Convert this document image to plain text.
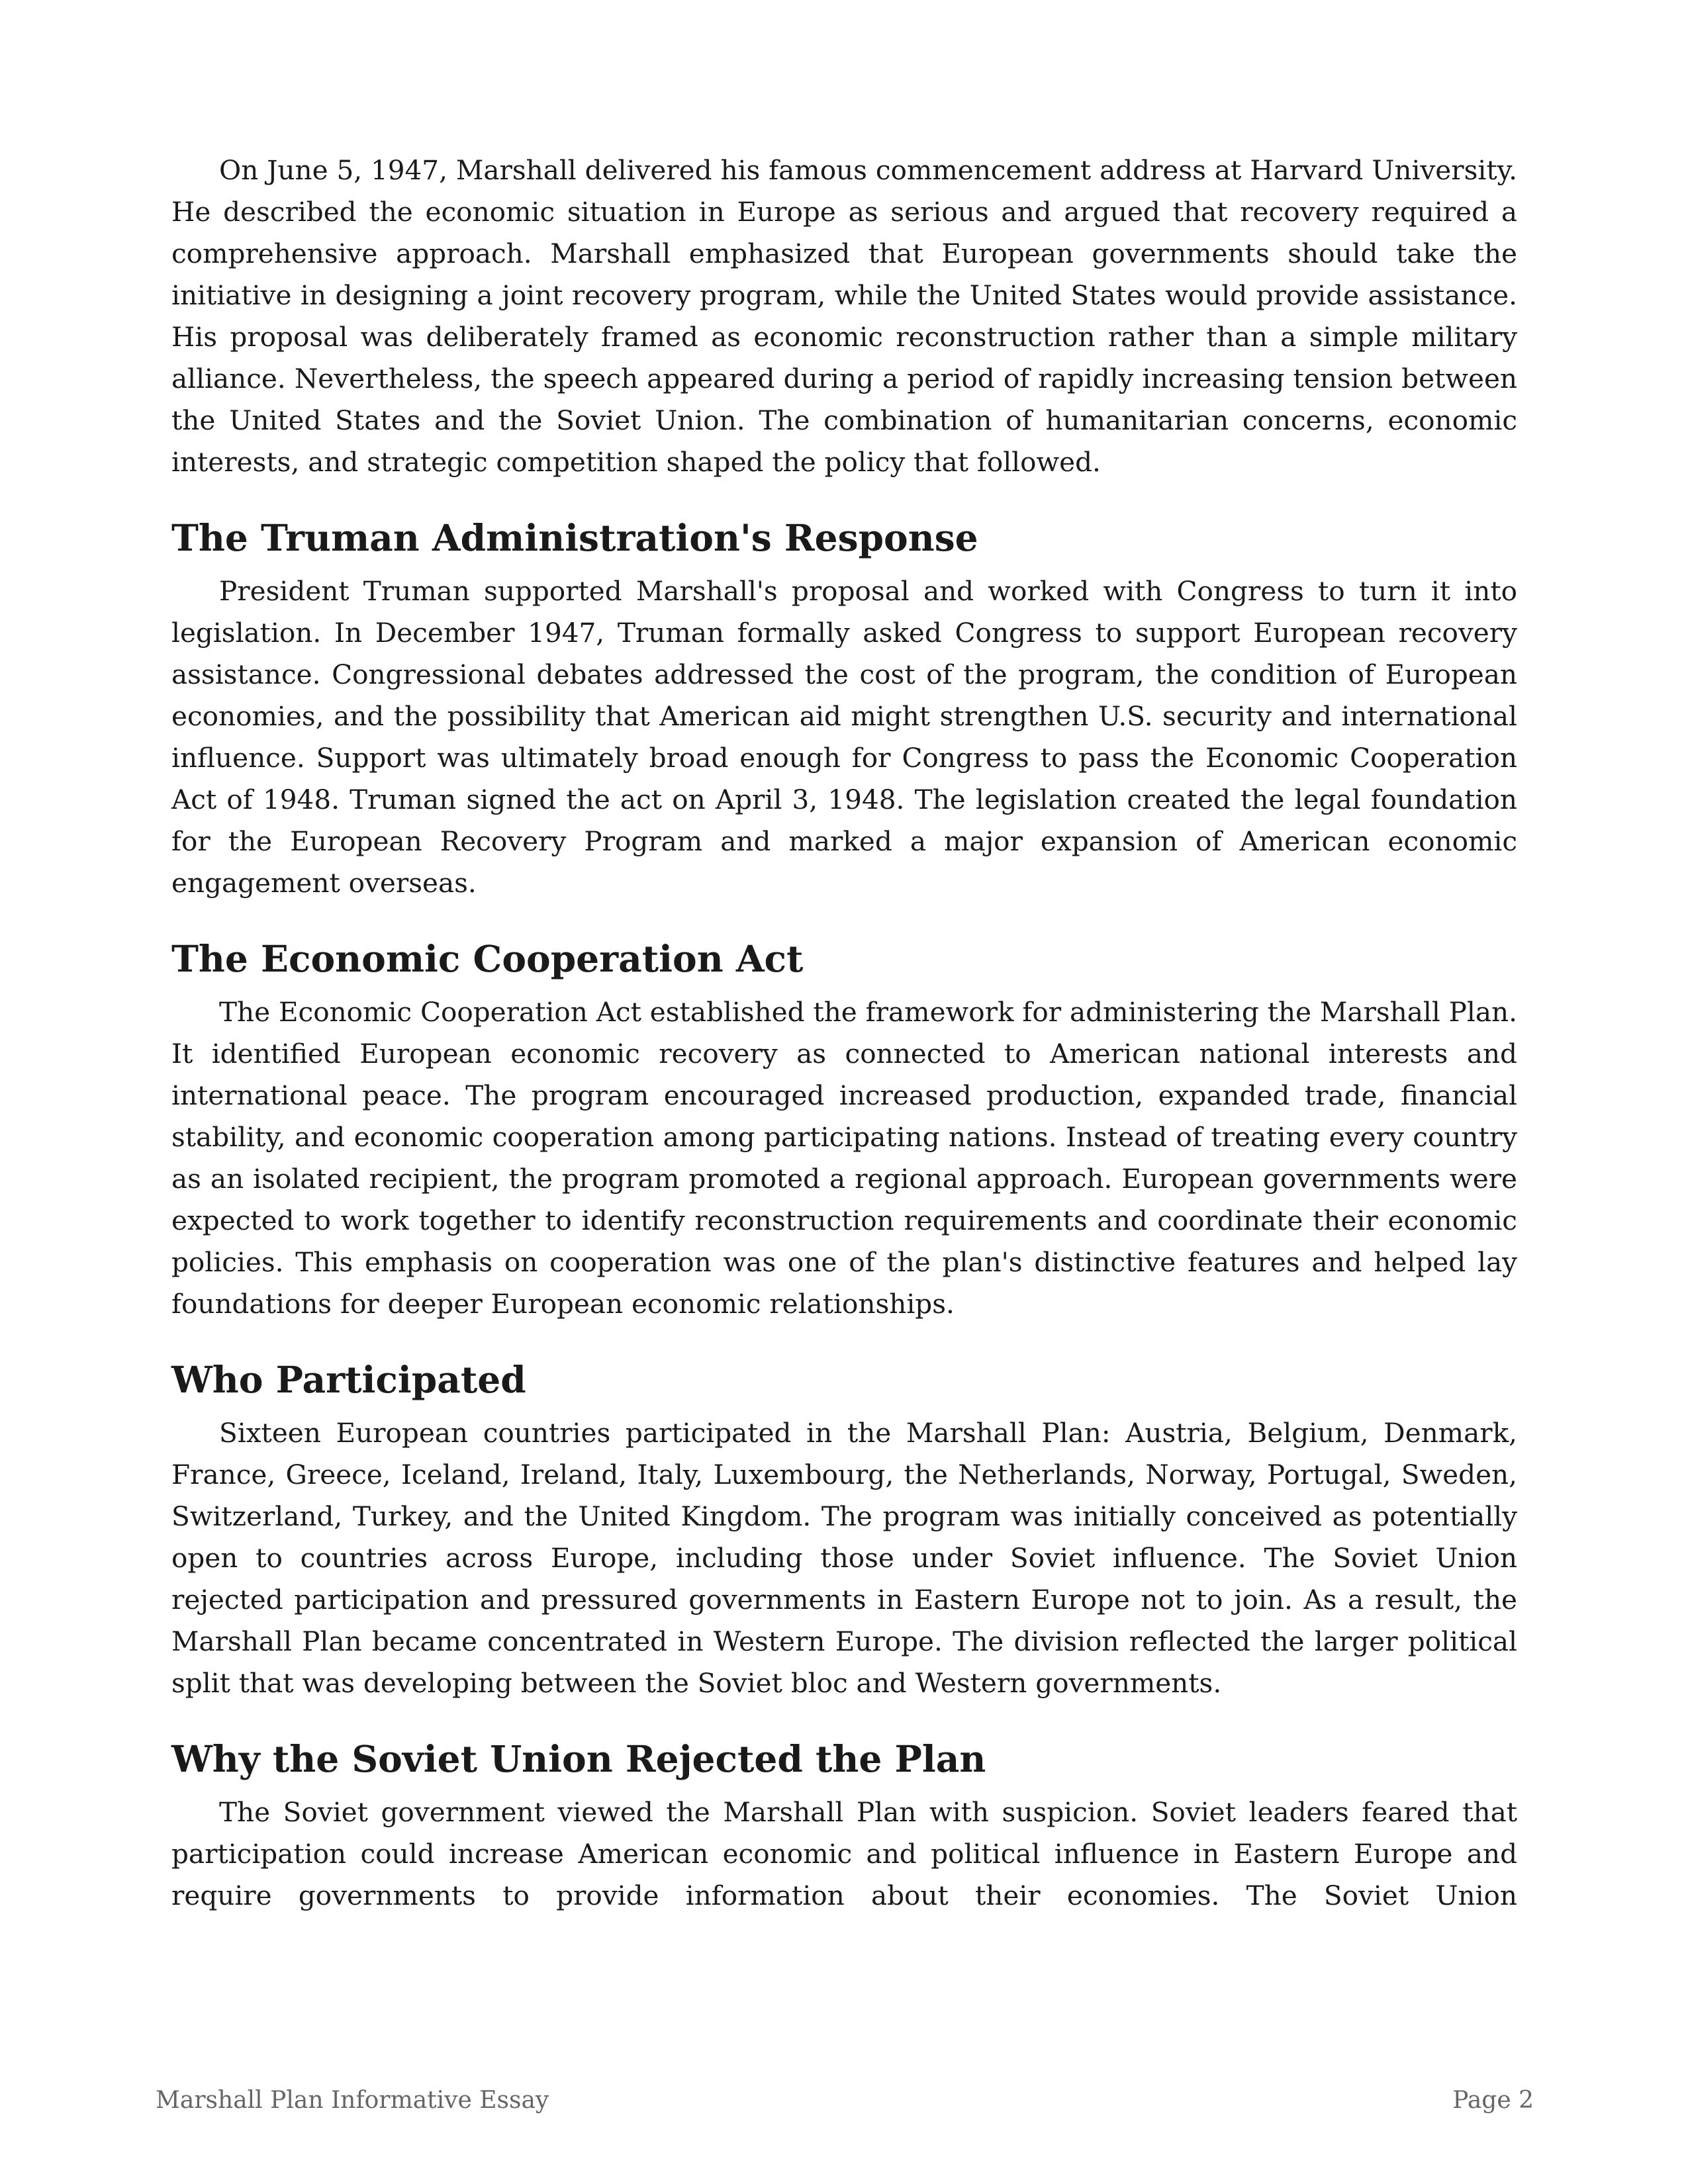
On June 5, 1947, Marshall delivered his famous commencement address at Harvard University. He described the economic situation in Europe as serious and argued that recovery required a comprehensive approach. Marshall emphasized that European governments should take the initiative in designing a joint recovery program, while the United States would provide assistance. His proposal was deliberately framed as economic reconstruction rather than a simple military alliance. Nevertheless, the speech appeared during a period of rapidly increasing tension between the United States and the Soviet Union. The combination of humanitarian concerns, economic interests, and strategic competition shaped the policy that followed.

The Truman Administration's Response

President Truman supported Marshall's proposal and worked with Congress to turn it into legislation. In December 1947, Truman formally asked Congress to support European recovery assistance. Congressional debates addressed the cost of the program, the condition of European economies, and the possibility that American aid might strengthen U.S. security and international influence. Support was ultimately broad enough for Congress to pass the Economic Cooperation Act of 1948. Truman signed the act on April 3, 1948. The legislation created the legal foundation for the European Recovery Program and marked a major expansion of American economic engagement overseas.

The Economic Cooperation Act

The Economic Cooperation Act established the framework for administering the Marshall Plan. It identified European economic recovery as connected to American national interests and international peace. The program encouraged increased production, expanded trade, financial stability, and economic cooperation among participating nations. Instead of treating every country as an isolated recipient, the program promoted a regional approach. European governments were expected to work together to identify reconstruction requirements and coordinate their economic policies. This emphasis on cooperation was one of the plan's distinctive features and helped lay foundations for deeper European economic relationships.

Who Participated

Sixteen European countries participated in the Marshall Plan: Austria, Belgium, Denmark, France, Greece, Iceland, Ireland, Italy, Luxembourg, the Netherlands, Norway, Portugal, Sweden, Switzerland, Turkey, and the United Kingdom. The program was initially conceived as potentially open to countries across Europe, including those under Soviet influence. The Soviet Union rejected participation and pressured governments in Eastern Europe not to join. As a result, the Marshall Plan became concentrated in Western Europe. The division reflected the larger political split that was developing between the Soviet bloc and Western governments.

Why the Soviet Union Rejected the Plan

The Soviet government viewed the Marshall Plan with suspicion. Soviet leaders feared that participation could increase American economic and political influence in Eastern Europe and require governments to provide information about their economies. The Soviet Union

Marshall Plan Informative Essay	Page 2
